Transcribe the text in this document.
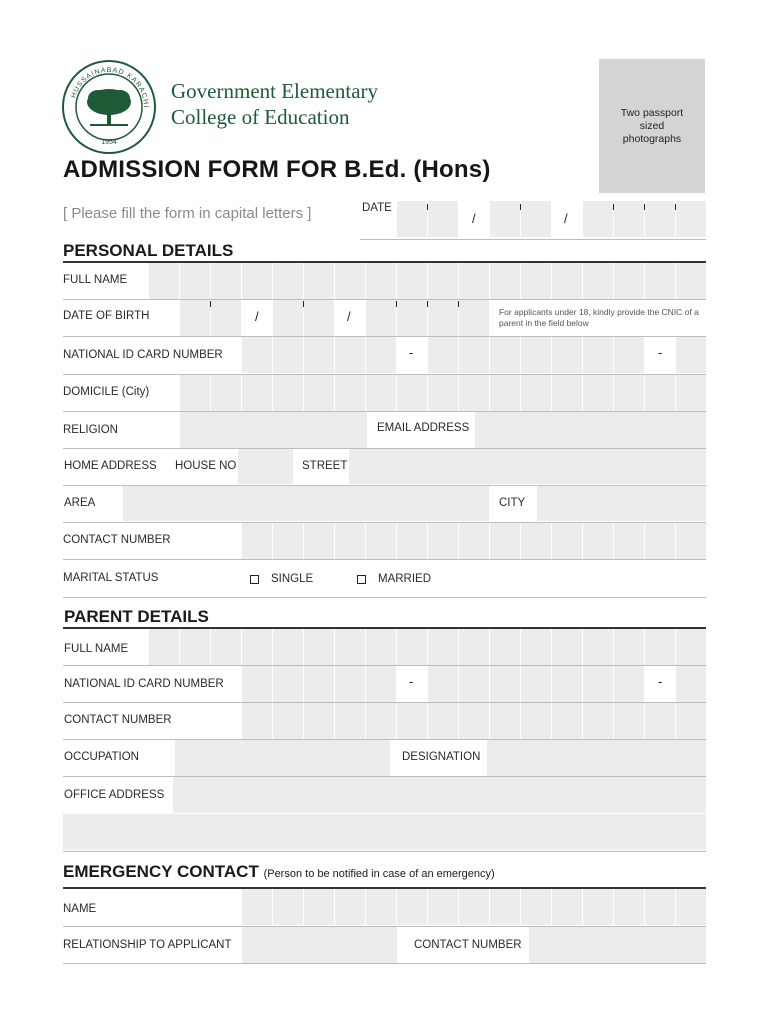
HUSSAINABAD KARACHI
1954
Government Elementary
College of Education	Two passport sized photographs
ADMISSION FORM FOR B.Ed. (Hons)
[ Please fill the form in capital letters ]	DATE
/	/
PERSONAL DETAILS
FULL NAME
DATE OF BIRTH	/	/	For applicants under 18, kindly provide the CNIC of a parent in the field below
NATIONAL ID CARD NUMBER	-	-
DOMICILE (City)
RELIGION	EMAIL ADDRESS
HOME ADDRESS HOUSE NO	STREET
AREA	CITY
CONTACT NUMBER
MARITAL STATUS	SINGLE	MARRIED
PARENT DETAILS
FULL NAME
NATIONAL ID CARD NUMBER	-	-
CONTACT NUMBER
OCCUPATION	DESIGNATION
OFFICE ADDRESS
EMERGENCY CONTACT (Person to be notified in case of an emergency)
NAME
RELATIONSHIP TO APPLICANT	CONTACT NUMBER
